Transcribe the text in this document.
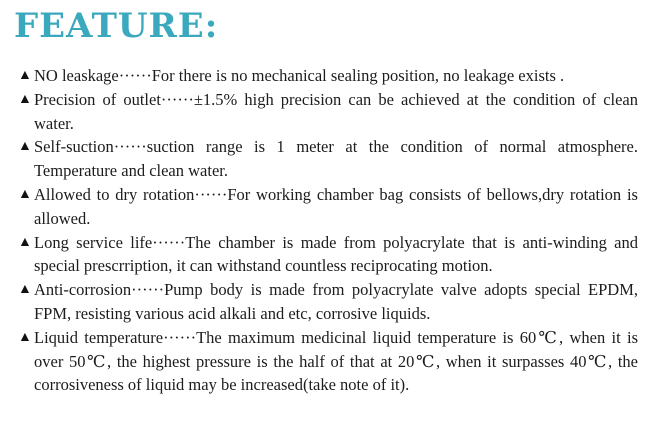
FEATURE:
▲ NO leaskage······For there is no mechanical sealing position, no leakage exists .
▲ Precision of outlet······±1.5% high precision can be achieved at the condition of clean water.
▲ Self-suction······suction range is 1 meter at the condition of normal atmosphere. Temperature and clean water.
▲ Allowed to dry rotation······For working chamber bag consists of bellows,dry rotation is allowed.
▲ Long service life······The chamber is made from polyacrylate that is anti-winding and special prescrription, it can withstand countless reciprocating motion.
▲ Anti-corrosion······Pump body is made from polyacrylate valve adopts special EPDM, FPM, resisting various acid alkali and etc, corrosive liquids.
▲ Liquid temperature······The maximum medicinal liquid temperature is 60℃, when it is over 50℃, the highest pressure is the half of that at 20℃, when it surpasses 40℃, the corrosiveness of liquid may be increased(take note of it).
